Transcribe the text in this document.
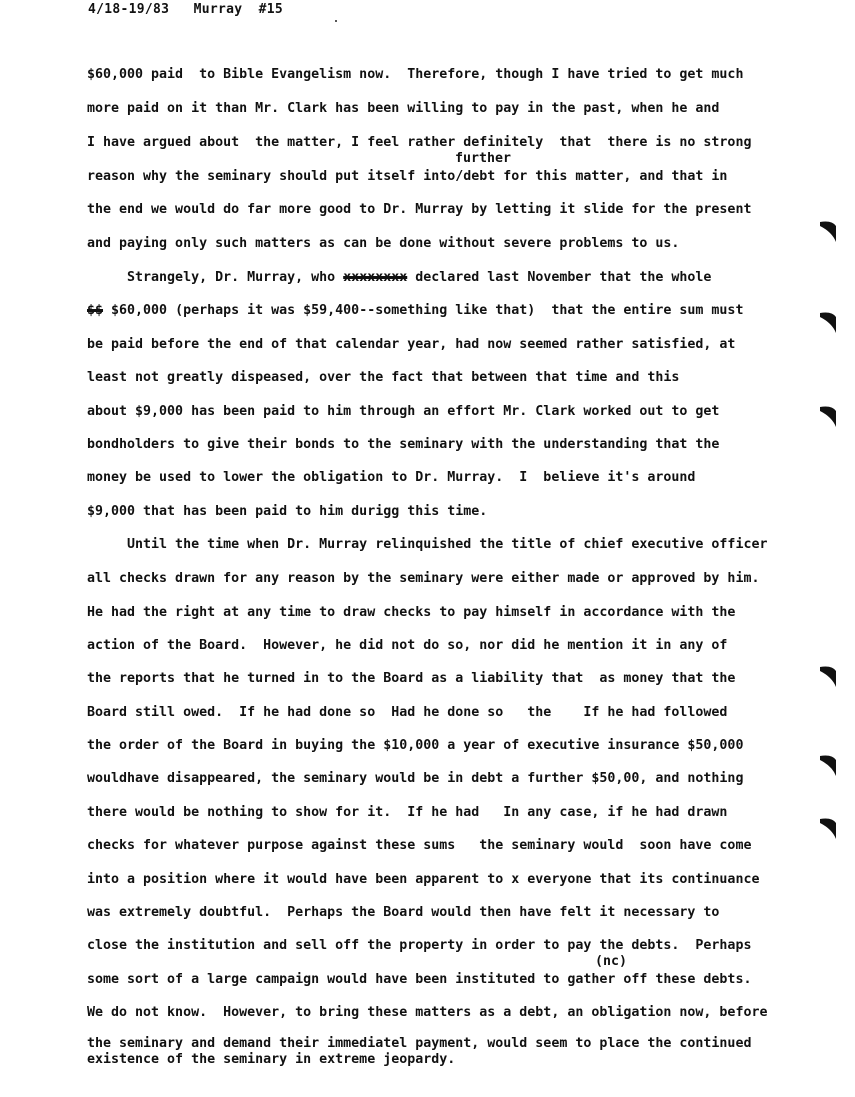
4/18-19/83   Murray  #15
$60,000 paid  to Bible Evangelism now.  Therefore, though I have tried to get much
more paid on it than Mr. Clark has been willing to pay in the past, when he and
I have argued about  the matter, I feel rather definitely  that  there is no strong
further
reason why the seminary should put itself into/debt for this matter, and that in
the end we would do far more good to Dr. Murray by letting it slide for the present
and paying only such matters as can be done without severe problems to us.
Strangely, Dr. Murray, who xxxxxxxx declared last November that the whole
$$ $60,000 (perhaps it was $59,400--something like that)  that the entire sum must
be paid before the end of that calendar year, had now seemed rather satisfied, at
least not greatly dispeased, over the fact that between that time and this
about $9,000 has been paid to him through an effort Mr. Clark worked out to get
bondholders to give their bonds to the seminary with the understanding that the
money be used to lower the obligation to Dr. Murray.  I  believe it's around
$9,000 that has been paid to him durigg this time.
Until the time when Dr. Murray relinquished the title of chief executive officer
all checks drawn for any reason by the seminary were either made or approved by him.
He had the right at any time to draw checks to pay himself in accordance with the
action of the Board.  However, he did not do so, nor did he mention it in any of
the reports that he turned in to the Board as a liability that  as money that the
Board still owed.  If he had done so  Had he done so   the    If he had followed
the order of the Board in buying the $10,000 a year of executive insurance $50,000
wouldhave disappeared, the seminary would be in debt a further $50,00, and nothing
there would be nothing to show for it.  If he had   In any case, if he had drawn
checks for whatever purpose against these sums   the seminary would  soon have come
into a position where it would have been apparent to x everyone that its continuance
was extremely doubtful.  Perhaps the Board would then have felt it necessary to
close the institution and sell off the property in order to pay the debts.  Perhaps
(nc)
some sort of a large campaign would have been instituted to gather off these debts.
We do not know.  However, to bring these matters as a debt, an obligation now, before
the seminary and demand their immediatel payment, would seem to place the continued
existence of the seminary in extreme jeopardy.
